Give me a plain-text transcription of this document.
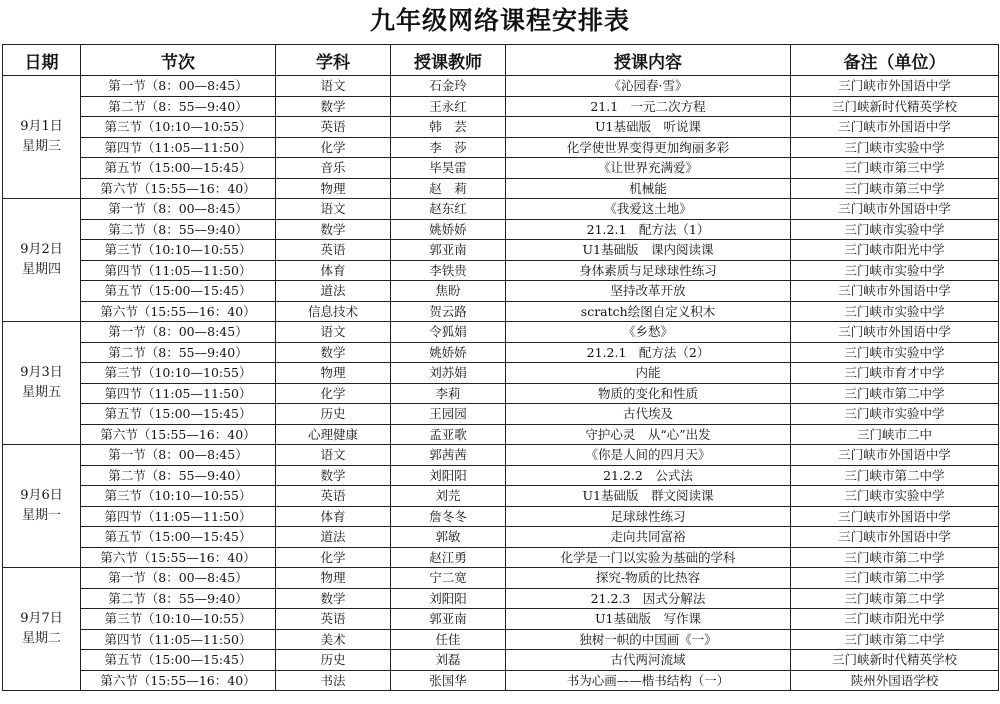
九年级网络课程安排表
日期	节次	学科	授课教师	授课内容	备注（单位）

9月1日
星期三	第一节（8：00—8:45）	语文	石金玲	《沁园春·雪》	三门峡市外国语中学
	第二节（8：55—9:40）	数学	王永红	21.1　一元二次方程	三门峡新时代精英学校
	第三节（10:10—10:55）	英语	韩　芸	U1基础版　听说课	三门峡市外国语中学
	第四节（11:05—11:50）	化学	李　莎	化学使世界变得更加绚丽多彩	三门峡市实验中学
	第五节（15:00—15:45）	音乐	毕昊雷	《让世界充满爱》	三门峡市第三中学
	第六节（15:55—16：40）	物理	赵　莉	机械能	三门峡市第三中学

9月2日
星期四	第一节（8：00—8:45）	语文	赵东红	《我爱这土地》	三门峡市外国语中学
	第二节（8：55—9:40）	数学	姚娇娇	21.2.1　配方法（1）	三门峡市实验中学
	第三节（10:10—10:55）	英语	郭亚南	U1基础版　课内阅读课	三门峡市阳光中学
	第四节（11:05—11:50）	体育	李铁贵	身体素质与足球球性练习	三门峡市实验中学
	第五节（15:00—15:45）	道法	焦盼	坚持改革开放	三门峡市外国语中学
	第六节（15:55—16：40）	信息技术	贺云路	scratch绘图自定义积木	三门峡市实验中学

9月3日
星期五	第一节（8：00—8:45）	语文	令狐娟	《乡愁》	三门峡市外国语中学
	第二节（8：55—9:40）	数学	姚娇娇	21.2.1　配方法（2）	三门峡市实验中学
	第三节（10:10—10:55）	物理	刘苏娟	内能	三门峡市育才中学
	第四节（11:05—11:50）	化学	李莉	物质的变化和性质	三门峡市第二中学
	第五节（15:00—15:45）	历史	王园园	古代埃及	三门峡市实验中学
	第六节（15:55—16：40）	心理健康	孟亚歌	守护心灵　从“心”出发	三门峡市二中

9月6日
星期一	第一节（8：00—8:45）	语文	郭茜茜	《你是人间的四月天》	三门峡市外国语中学
	第二节（8：55—9:40）	数学	刘阳阳	21.2.2　公式法	三门峡市第二中学
	第三节（10:10—10:55）	英语	刘芫	U1基础版　群文阅读课	三门峡市实验中学
	第四节（11:05—11:50）	体育	詹冬冬	足球球性练习	三门峡市外国语中学
	第五节（15:00—15:45）	道法	郭敏	走向共同富裕	三门峡市外国语中学
	第六节（15:55—16：40）	化学	赵江勇	化学是一门以实验为基础的学科	三门峡市第二中学

9月7日
星期二	第一节（8：00—8:45）	物理	宁二宽	探究-物质的比热容	三门峡市第二中学
	第二节（8：55—9:40）	数学	刘阳阳	21.2.3　因式分解法	三门峡市第二中学
	第三节（10:10—10:55）	英语	郭亚南	U1基础版　写作课	三门峡市阳光中学
	第四节（11:05—11:50）	美术	任佳	独树一帜的中国画《一》	三门峡市第二中学
	第五节（15:00—15:45）	历史	刘磊	古代两河流域	三门峡新时代精英学校
	第六节（15:55—16：40）	书法	张国华	书为心画——楷书结构（一）	陕州外国语学校
